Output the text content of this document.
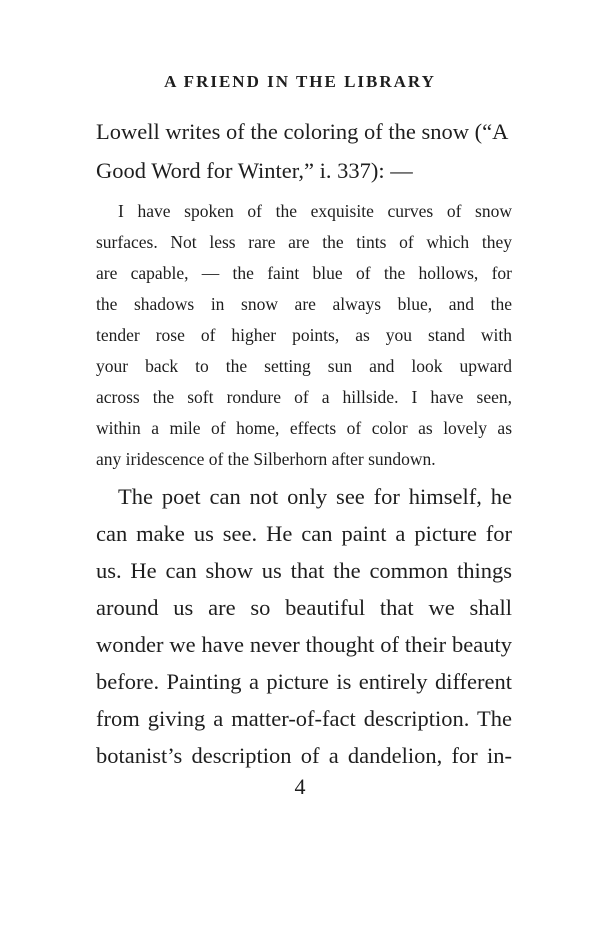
A FRIEND IN THE LIBRARY

Lowell writes of the coloring of the snow (“A
Good Word for Winter,” i. 337): —

I have spoken of the exquisite curves of snow
surfaces. Not less rare are the tints of which they
are capable, — the faint blue of the hollows, for
the shadows in snow are always blue, and the
tender rose of higher points, as you stand with
your back to the setting sun and look upward
across the soft rondure of a hillside. I have seen,
within a mile of home, effects of color as lovely as
any iridescence of the Silberhorn after sundown.

The poet can not only see for himself, he
can make us see. He can paint a picture for
us. He can show us that the common things
around us are so beautiful that we shall
wonder we have never thought of their beauty
before. Painting a picture is entirely different
from giving a matter-of-fact description. The
botanist’s description of a dandelion, for in-

4
